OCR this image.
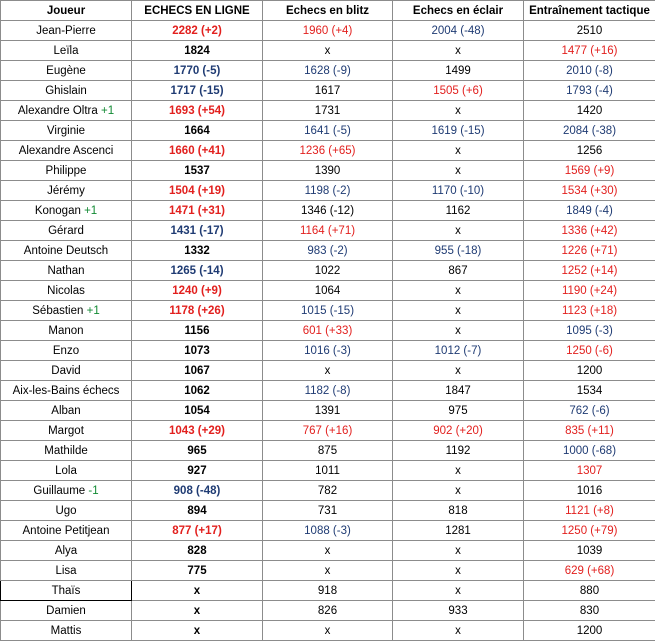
Joueur	ECHECS EN LIGNE	Echecs en blitz	Echecs en éclair	Entraînement tactique
Jean-Pierre	2282 (+2)	1960 (+4)	2004 (-48)	2510
Leïla	1824	x	x	1477 (+16)
Eugène	1770 (-5)	1628 (-9)	1499	2010 (-8)
Ghislain	1717 (-15)	1617	1505 (+6)	1793 (-4)
Alexandre Oltra +1	1693 (+54)	1731	x	1420
Virginie	1664	1641 (-5)	1619 (-15)	2084 (-38)
Alexandre Ascenci	1660 (+41)	1236 (+65)	x	1256
Philippe	1537	1390	x	1569 (+9)
Jérémy	1504 (+19)	1198 (-2)	1170 (-10)	1534 (+30)
Konogan +1	1471 (+31)	1346 (-12)	1162	1849 (-4)
Gérard	1431 (-17)	1164 (+71)	x	1336 (+42)
Antoine Deutsch	1332	983 (-2)	955 (-18)	1226 (+71)
Nathan	1265 (-14)	1022	867	1252 (+14)
Nicolas	1240 (+9)	1064	x	1190 (+24)
Sébastien +1	1178 (+26)	1015 (-15)	x	1123 (+18)
Manon	1156	601 (+33)	x	1095 (-3)
Enzo	1073	1016 (-3)	1012 (-7)	1250 (-6)
David	1067	x	x	1200
Aix-les-Bains échecs	1062	1182 (-8)	1847	1534
Alban	1054	1391	975	762 (-6)
Margot	1043 (+29)	767 (+16)	902 (+20)	835 (+11)
Mathilde	965	875	1192	1000 (-68)
Lola	927	1011	x	1307
Guillaume -1	908 (-48)	782	x	1016
Ugo	894	731	818	1121 (+8)
Antoine Petitjean	877 (+17)	1088 (-3)	1281	1250 (+79)
Alya	828	x	x	1039
Lisa	775	x	x	629 (+68)
Thaïs	x	918	x	880
Damien	x	826	933	830
Mattis	x	x	x	1200
